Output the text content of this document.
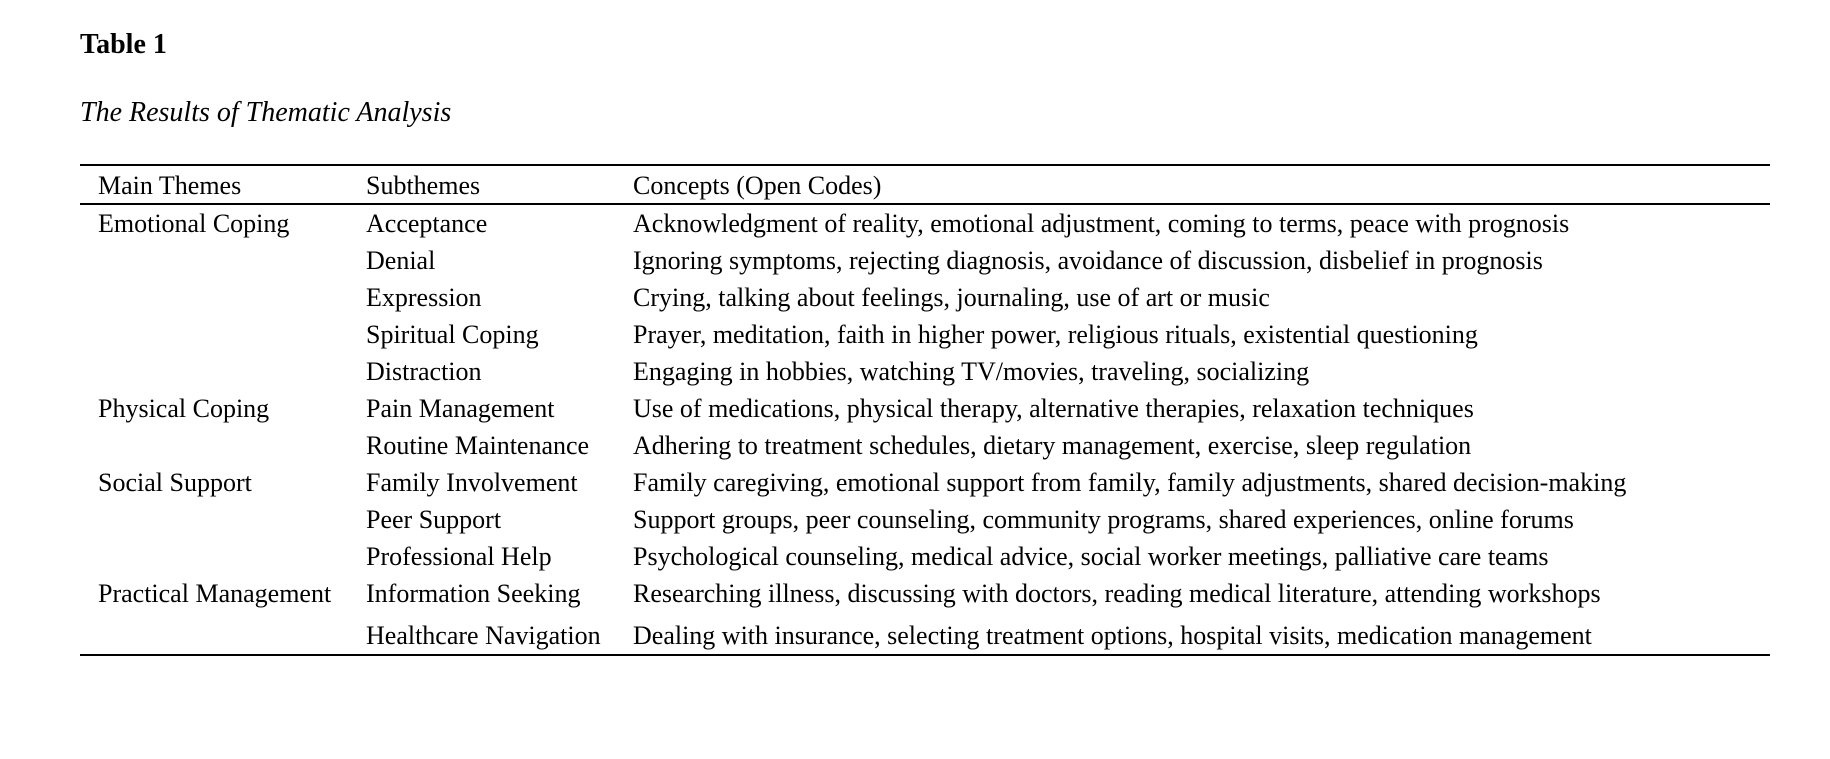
Table 1
The Results of Thematic Analysis
Main Themes	Subthemes	Concepts (Open Codes)
Emotional Coping	Acceptance	Acknowledgment of reality, emotional adjustment, coming to terms, peace with prognosis
	Denial	Ignoring symptoms, rejecting diagnosis, avoidance of discussion, disbelief in prognosis
	Expression	Crying, talking about feelings, journaling, use of art or music
	Spiritual Coping	Prayer, meditation, faith in higher power, religious rituals, existential questioning
	Distraction	Engaging in hobbies, watching TV/movies, traveling, socializing
Physical Coping	Pain Management	Use of medications, physical therapy, alternative therapies, relaxation techniques
	Routine Maintenance	Adhering to treatment schedules, dietary management, exercise, sleep regulation
Social Support	Family Involvement	Family caregiving, emotional support from family, family adjustments, shared decision-making
	Peer Support	Support groups, peer counseling, community programs, shared experiences, online forums
	Professional Help	Psychological counseling, medical advice, social worker meetings, palliative care teams
Practical Management	Information Seeking	Researching illness, discussing with doctors, reading medical literature, attending workshops
	Healthcare Navigation	Dealing with insurance, selecting treatment options, hospital visits, medication management
